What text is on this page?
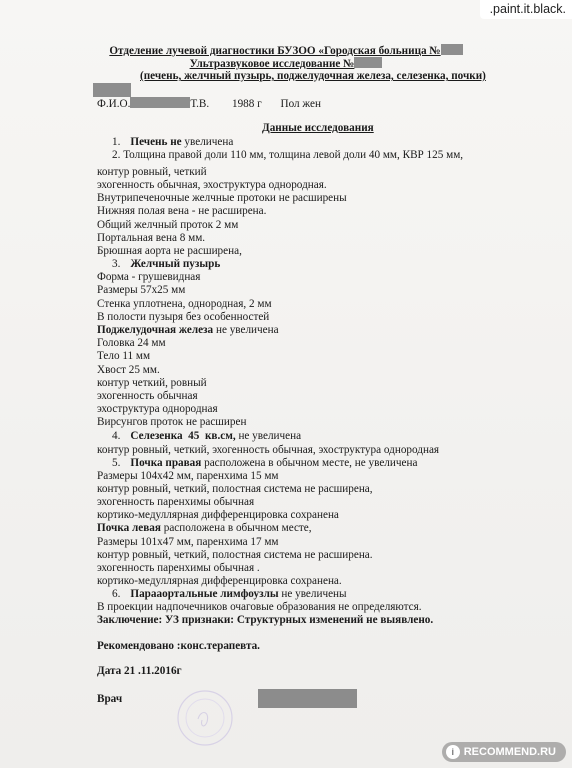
Отделение лучевой диагностики БУЗОО «Городская больница №
Ультразвуковое исследование №
(печень, желчный пузырь, поджелудочная железа, селезенка, почки)
Ф.И.О.	Т.В. 1988 г Пол жен
Данные исследования
1. Печень не увеличена
2. Толщина правой доли 110 мм, толщина левой доли 40 мм, КВР 125 мм,
контур ровный, четкий
эхогенность обычная, эхоструктура однородная.
Внутрипеченочные желчные протоки не расширены
Нижняя полая вена - не расширена.
Общий желчный проток 2 мм
Портальная вена 8 мм.
Брюшная аорта не расширена,
3. Желчный пузырь
Форма - грушевидная
Размеры 57х25 мм
Стенка уплотнена, однородная, 2 мм
В полости пузыря без особенностей
Поджелудочная железа не увеличена
Головка 24 мм
Тело 11 мм
Хвост 25 мм.
контур четкий, ровный
эхогенность обычная
эхоструктура однородная
Вирсунгов проток не расширен
4. Селезенка  45  кв.см, не увеличена
контур ровный, четкий, эхогенность обычная, эхоструктура однородная
5. Почка правая расположена в обычном месте, не увеличена
Размеры 104х42 мм, паренхима 15 мм
контур ровный, четкий, полостная система не расширена,
эхогенность паренхимы обычная
кортико-медуллярная дифференцировка сохранена
Почка левая расположена в обычном месте,
Размеры 101х47 мм, паренхима 17 мм
контур ровный, четкий, полостная система не расширена.
эхогенность паренхимы обычная .
кортико-медуллярная дифференцировка сохранена.
6. Парааортальные лимфоузлы не увеличены
В проекции надпочечников очаговые образования не определяются.
Заключение: УЗ признаки: Структурных изменений не выявлено.
Рекомендовано :конс.терапевта.
Дата 21 .11.2016г
Врач
.paint.it.black.
i RECOMMEND.RU
